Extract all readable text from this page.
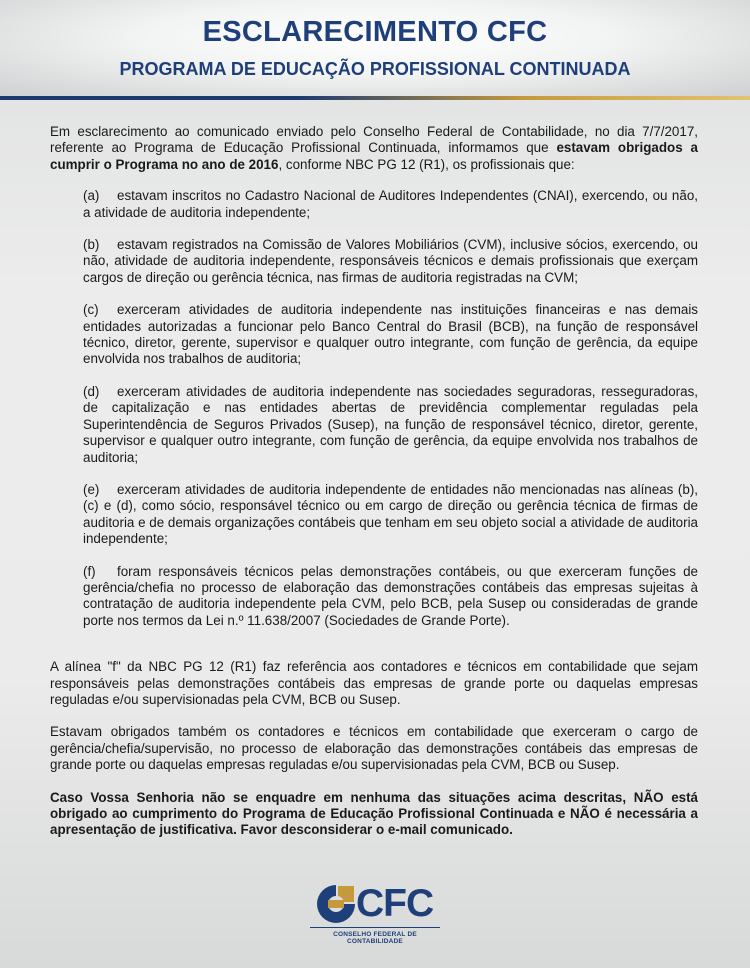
ESCLARECIMENTO CFC
PROGRAMA DE EDUCAÇÃO PROFISSIONAL CONTINUADA

Em esclarecimento ao comunicado enviado pelo Conselho Federal de Contabilidade, no dia 7/7/2017, referente ao Programa de Educação Profissional Continuada, informamos que estavam obrigados a cumprir o Programa no ano de 2016, conforme NBC PG 12 (R1), os profissionais que:

(a) estavam inscritos no Cadastro Nacional de Auditores Independentes (CNAI), exercendo, ou não, a atividade de auditoria independente;

(b) estavam registrados na Comissão de Valores Mobiliários (CVM), inclusive sócios, exercendo, ou não, atividade de auditoria independente, responsáveis técnicos e demais profissionais que exerçam cargos de direção ou gerência técnica, nas firmas de auditoria registradas na CVM;

(c) exerceram atividades de auditoria independente nas instituições financeiras e nas demais entidades autorizadas a funcionar pelo Banco Central do Brasil (BCB), na função de responsável técnico, diretor, gerente, supervisor e qualquer outro integrante, com função de gerência, da equipe envolvida nos trabalhos de auditoria;

(d) exerceram atividades de auditoria independente nas sociedades seguradoras, resseguradoras, de capitalização e nas entidades abertas de previdência complementar reguladas pela Superintendência de Seguros Privados (Susep), na função de responsável técnico, diretor, gerente, supervisor e qualquer outro integrante, com função de gerência, da equipe envolvida nos trabalhos de auditoria;

(e) exerceram atividades de auditoria independente de entidades não mencionadas nas alíneas (b), (c) e (d), como sócio, responsável técnico ou em cargo de direção ou gerência técnica de firmas de auditoria e de demais organizações contábeis que tenham em seu objeto social a atividade de auditoria independente;

(f) foram responsáveis técnicos pelas demonstrações contábeis, ou que exerceram funções de gerência/chefia no processo de elaboração das demonstrações contábeis das empresas sujeitas à contratação de auditoria independente pela CVM, pelo BCB, pela Susep ou consideradas de grande porte nos termos da Lei n.º 11.638/2007 (Sociedades de Grande Porte).

A alínea "f" da NBC PG 12 (R1) faz referência aos contadores e técnicos em contabilidade que sejam responsáveis pelas demonstrações contábeis das empresas de grande porte ou daquelas empresas reguladas e/ou supervisionadas pela CVM, BCB ou Susep.

Estavam obrigados também os contadores e técnicos em contabilidade que exerceram o cargo de gerência/chefia/supervisão, no processo de elaboração das demonstrações contábeis das empresas de grande porte ou daquelas empresas reguladas e/ou supervisionadas pela CVM, BCB ou Susep.

Caso Vossa Senhoria não se enquadre em nenhuma das situações acima descritas, NÃO está obrigado ao cumprimento do Programa de Educação Profissional Continuada e NÃO é necessária a apresentação de justificativa. Favor desconsiderar o e-mail comunicado.

CFC
CONSELHO FEDERAL DE CONTABILIDADE
